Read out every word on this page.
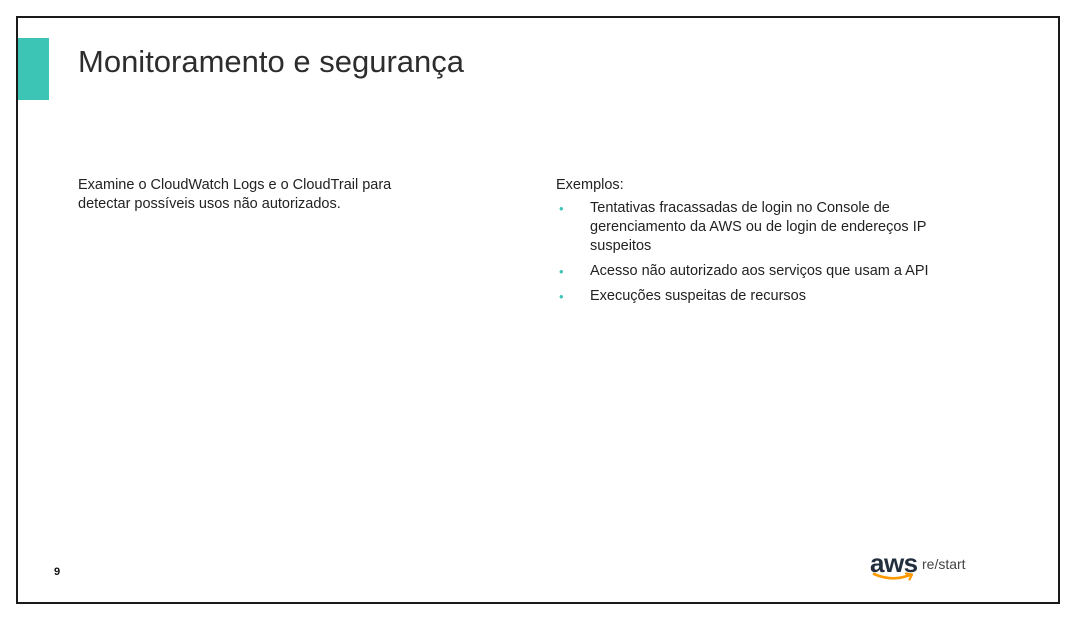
Monitoramento e segurança
Examine o CloudWatch Logs e o CloudTrail para detectar possíveis usos não autorizados.
Exemplos:
• Tentativas fracassadas de login no Console de gerenciamento da AWS ou de login de endereços IP suspeitos
• Acesso não autorizado aos serviços que usam a API
• Execuções suspeitas de recursos
9	aws re/start
